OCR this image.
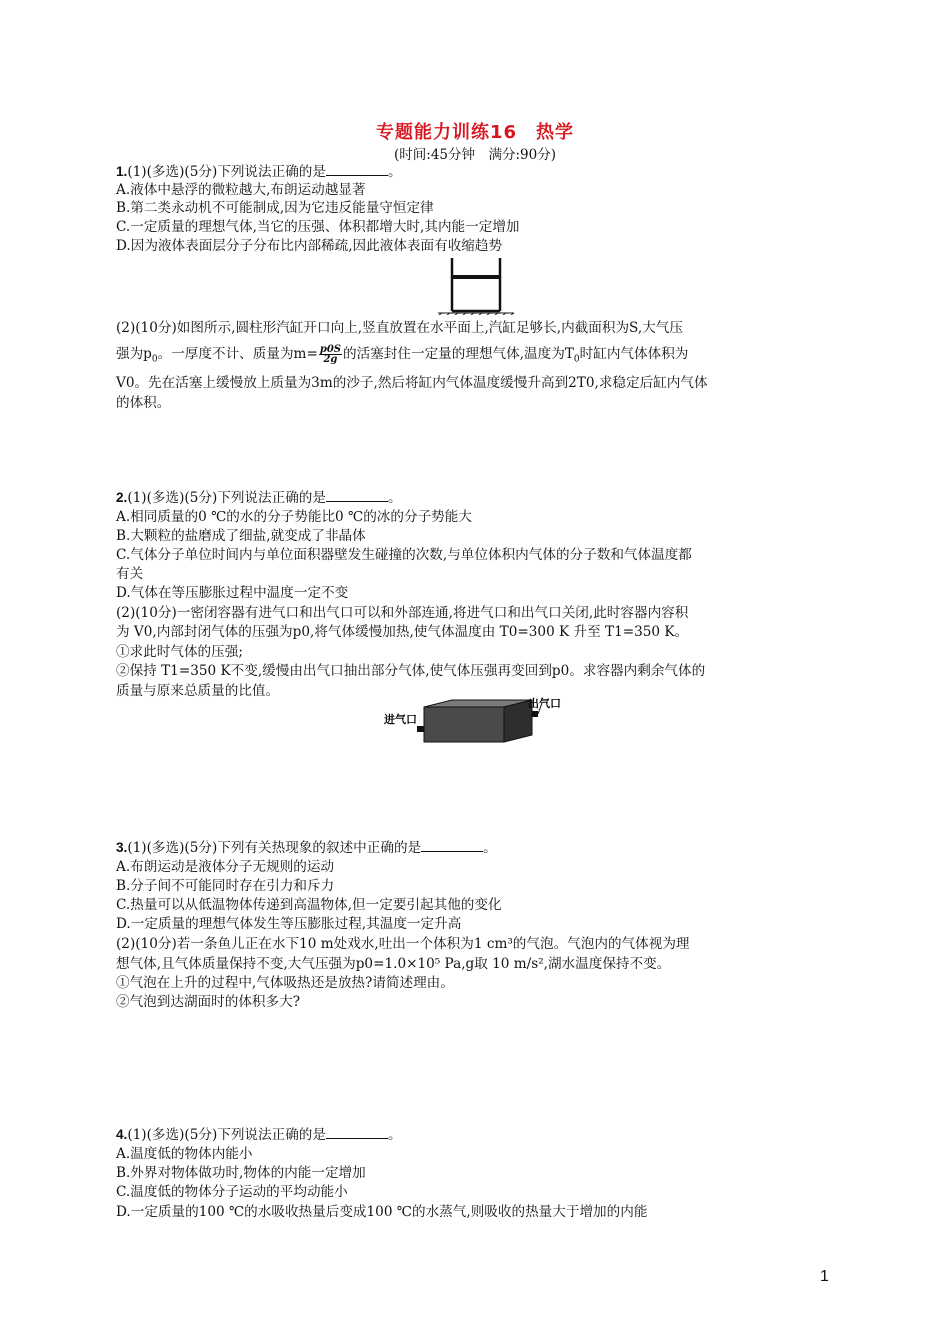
专题能力训练16　热学
(时间:45分钟　满分:90分)
1.(1)(多选)(5分)下列说法正确的是	。
A.液体中悬浮的微粒越大,布朗运动越显著
B.第二类永动机不可能制成,因为它违反能量守恒定律
C.一定质量的理想气体,当它的压强、体积都增大时,其内能一定增加
D.因为液体表面层分子分布比内部稀疏,因此液体表面有收缩趋势
(2)(10分)如图所示,圆柱形汽缸开口向上,竖直放置在水平面上,汽缸足够长,内截面积为S,大气压
强为$p_0$。一厚度不计、质量为$m= \frac{p0S}{2g}$ 的活塞封住一定量的理想气体,温度为$T_0$时缸内气体体积为
V0。先在活塞上缓慢放上质量为3m的沙子,然后将缸内气体温度缓慢升高到2T0,求稳定后缸内气体
的体积。
2.(1)(多选)(5分)下列说法正确的是	。
A.相同质量的0 ℃的水的分子势能比0 ℃的冰的分子势能大
B.大颗粒的盐磨成了细盐,就变成了非晶体
C.气体分子单位时间内与单位面积器壁发生碰撞的次数,与单位体积内气体的分子数和气体温度都
有关
D.气体在等压膨胀过程中温度一定不变
(2)(10分)一密闭容器有进气口和出气口可以和外部连通,将进气口和出气口关闭,此时容器内容积
为 V0,内部封闭气体的压强为p0,将气体缓慢加热,使气体温度由 T0=300 K 升至 T1=350 K。
①求此时气体的压强;
②保持 T1=350 K不变,缓慢由出气口抽出部分气体,使气体压强再变回到p0。求容器内剩余气体的
质量与原来总质量的比值。
进气口
出气口
3.(1)(多选)(5分)下列有关热现象的叙述中正确的是	。
A.布朗运动是液体分子无规则的运动
B.分子间不可能同时存在引力和斥力
C.热量可以从低温物体传递到高温物体,但一定要引起其他的变化
D.一定质量的理想气体发生等压膨胀过程,其温度一定升高
(2)(10分)若一条鱼儿正在水下10 m处戏水,吐出一个体积为1 cm³的气泡。气泡内的气体视为理
想气体,且气体质量保持不变,大气压强为p0=1.0×10⁵ Pa,g取 10 m/s²,湖水温度保持不变。
①气泡在上升的过程中,气体吸热还是放热?请简述理由。
②气泡到达湖面时的体积多大?
4.(1)(多选)(5分)下列说法正确的是	。
A.温度低的物体内能小
B.外界对物体做功时,物体的内能一定增加
C.温度低的物体分子运动的平均动能小
D.一定质量的100 ℃的水吸收热量后变成100 ℃的水蒸气,则吸收的热量大于增加的内能
1
